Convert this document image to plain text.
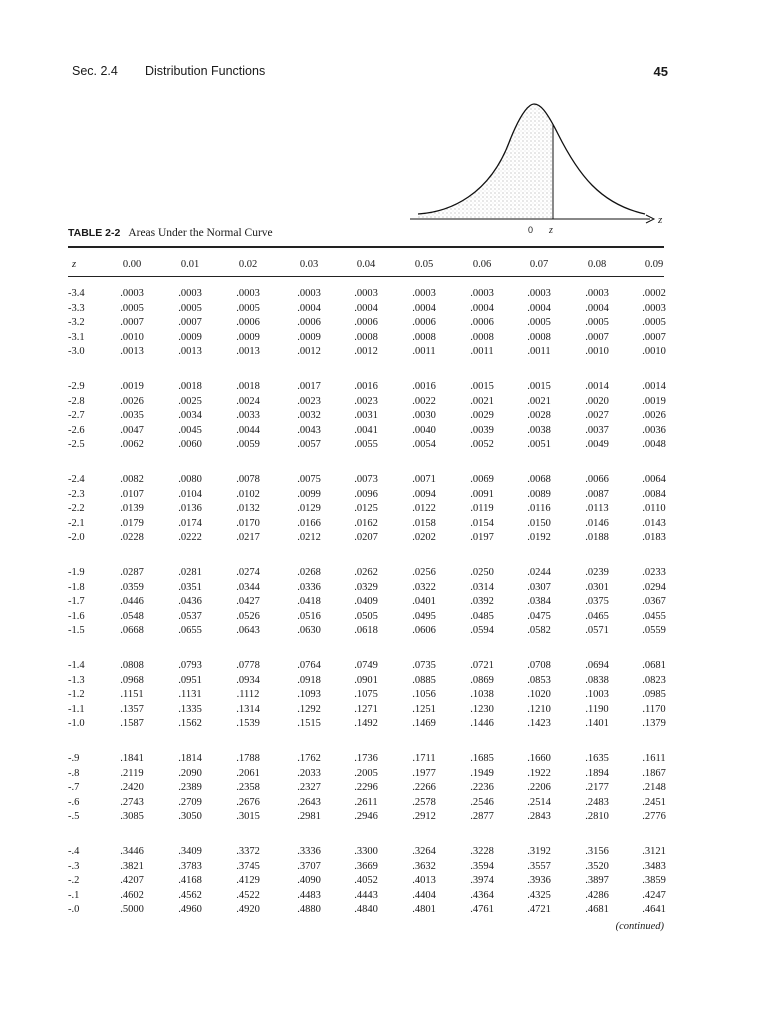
Sec. 2.4 Distribution Functions	45
0 z
z
TABLE 2-2 Areas Under the Normal Curve
z	0.00	0.01	0.02	0.03	0.04	0.05	0.06	0.07	0.08	0.09
-3.4	.0003	.0003	.0003	.0003	.0003	.0003	.0003	.0003	.0003	.0002
-3.3	.0005	.0005	.0005	.0004	.0004	.0004	.0004	.0004	.0004	.0003
-3.2	.0007	.0007	.0006	.0006	.0006	.0006	.0006	.0005	.0005	.0005
-3.1	.0010	.0009	.0009	.0009	.0008	.0008	.0008	.0008	.0007	.0007
-3.0	.0013	.0013	.0013	.0012	.0012	.0011	.0011	.0011	.0010	.0010
-2.9	.0019	.0018	.0018	.0017	.0016	.0016	.0015	.0015	.0014	.0014
-2.8	.0026	.0025	.0024	.0023	.0023	.0022	.0021	.0021	.0020	.0019
-2.7	.0035	.0034	.0033	.0032	.0031	.0030	.0029	.0028	.0027	.0026
-2.6	.0047	.0045	.0044	.0043	.0041	.0040	.0039	.0038	.0037	.0036
-2.5	.0062	.0060	.0059	.0057	.0055	.0054	.0052	.0051	.0049	.0048
-2.4	.0082	.0080	.0078	.0075	.0073	.0071	.0069	.0068	.0066	.0064
-2.3	.0107	.0104	.0102	.0099	.0096	.0094	.0091	.0089	.0087	.0084
-2.2	.0139	.0136	.0132	.0129	.0125	.0122	.0119	.0116	.0113	.0110
-2.1	.0179	.0174	.0170	.0166	.0162	.0158	.0154	.0150	.0146	.0143
-2.0	.0228	.0222	.0217	.0212	.0207	.0202	.0197	.0192	.0188	.0183
-1.9	.0287	.0281	.0274	.0268	.0262	.0256	.0250	.0244	.0239	.0233
-1.8	.0359	.0351	.0344	.0336	.0329	.0322	.0314	.0307	.0301	.0294
-1.7	.0446	.0436	.0427	.0418	.0409	.0401	.0392	.0384	.0375	.0367
-1.6	.0548	.0537	.0526	.0516	.0505	.0495	.0485	.0475	.0465	.0455
-1.5	.0668	.0655	.0643	.0630	.0618	.0606	.0594	.0582	.0571	.0559
-1.4	.0808	.0793	.0778	.0764	.0749	.0735	.0721	.0708	.0694	.0681
-1.3	.0968	.0951	.0934	.0918	.0901	.0885	.0869	.0853	.0838	.0823
-1.2	.1151	.1131	.1112	.1093	.1075	.1056	.1038	.1020	.1003	.0985
-1.1	.1357	.1335	.1314	.1292	.1271	.1251	.1230	.1210	.1190	.1170
-1.0	.1587	.1562	.1539	.1515	.1492	.1469	.1446	.1423	.1401	.1379
-.9	.1841	.1814	.1788	.1762	.1736	.1711	.1685	.1660	.1635	.1611
-.8	.2119	.2090	.2061	.2033	.2005	.1977	.1949	.1922	.1894	.1867
-.7	.2420	.2389	.2358	.2327	.2296	.2266	.2236	.2206	.2177	.2148
-.6	.2743	.2709	.2676	.2643	.2611	.2578	.2546	.2514	.2483	.2451
-.5	.3085	.3050	.3015	.2981	.2946	.2912	.2877	.2843	.2810	.2776
-.4	.3446	.3409	.3372	.3336	.3300	.3264	.3228	.3192	.3156	.3121
-.3	.3821	.3783	.3745	.3707	.3669	.3632	.3594	.3557	.3520	.3483
-.2	.4207	.4168	.4129	.4090	.4052	.4013	.3974	.3936	.3897	.3859
-.1	.4602	.4562	.4522	.4483	.4443	.4404	.4364	.4325	.4286	.4247
-.0	.5000	.4960	.4920	.4880	.4840	.4801	.4761	.4721	.4681	.4641
(continued)
